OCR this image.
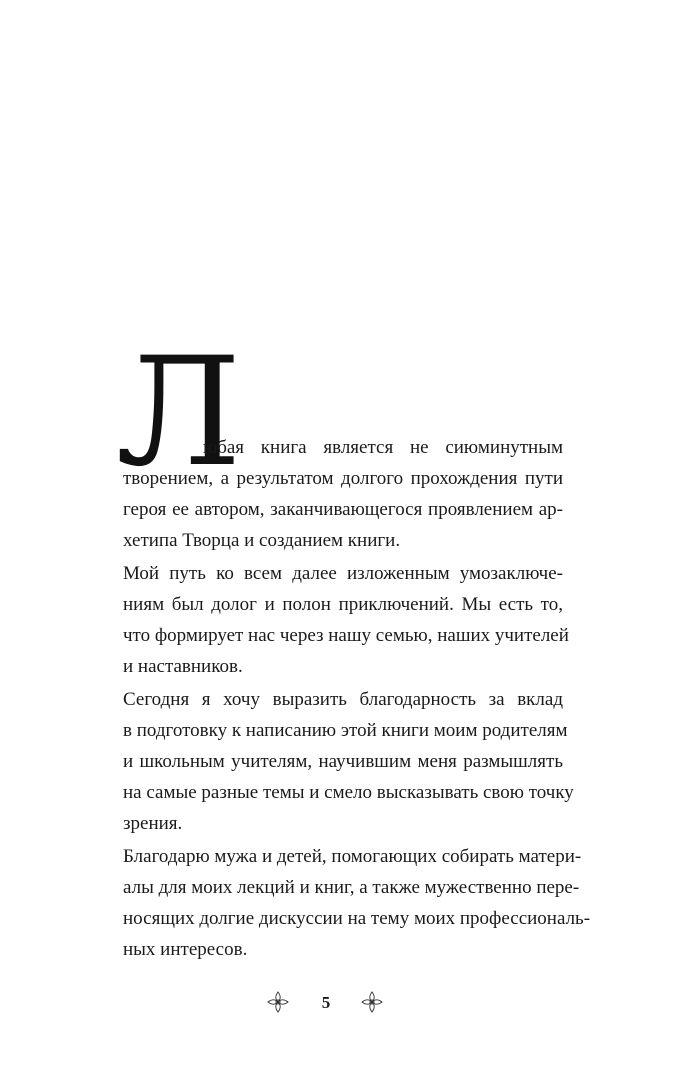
Л
юбая книга является не сиюминутным
творением, а результатом долгого прохождения пути
героя ее автором, заканчивающегося проявлением ар-
хетипа Творца и созданием книги.
Мой путь ко всем далее изложенным умозаключе-
ниям был долог и полон приключений. Мы есть то,
что формирует нас через нашу семью, наших учителей
и наставников.
Сегодня я хочу выразить благодарность за вклад
в подготовку к написанию этой книги моим родителям
и школьным учителям, научившим меня размышлять
на самые разные темы и смело высказывать свою точку
зрения.
Благодарю мужа и детей, помогающих собирать матери-
алы для моих лекций и книг, а также мужественно пере-
носящих долгие дискуссии на тему моих профессиональ-
ных интересов.
5
